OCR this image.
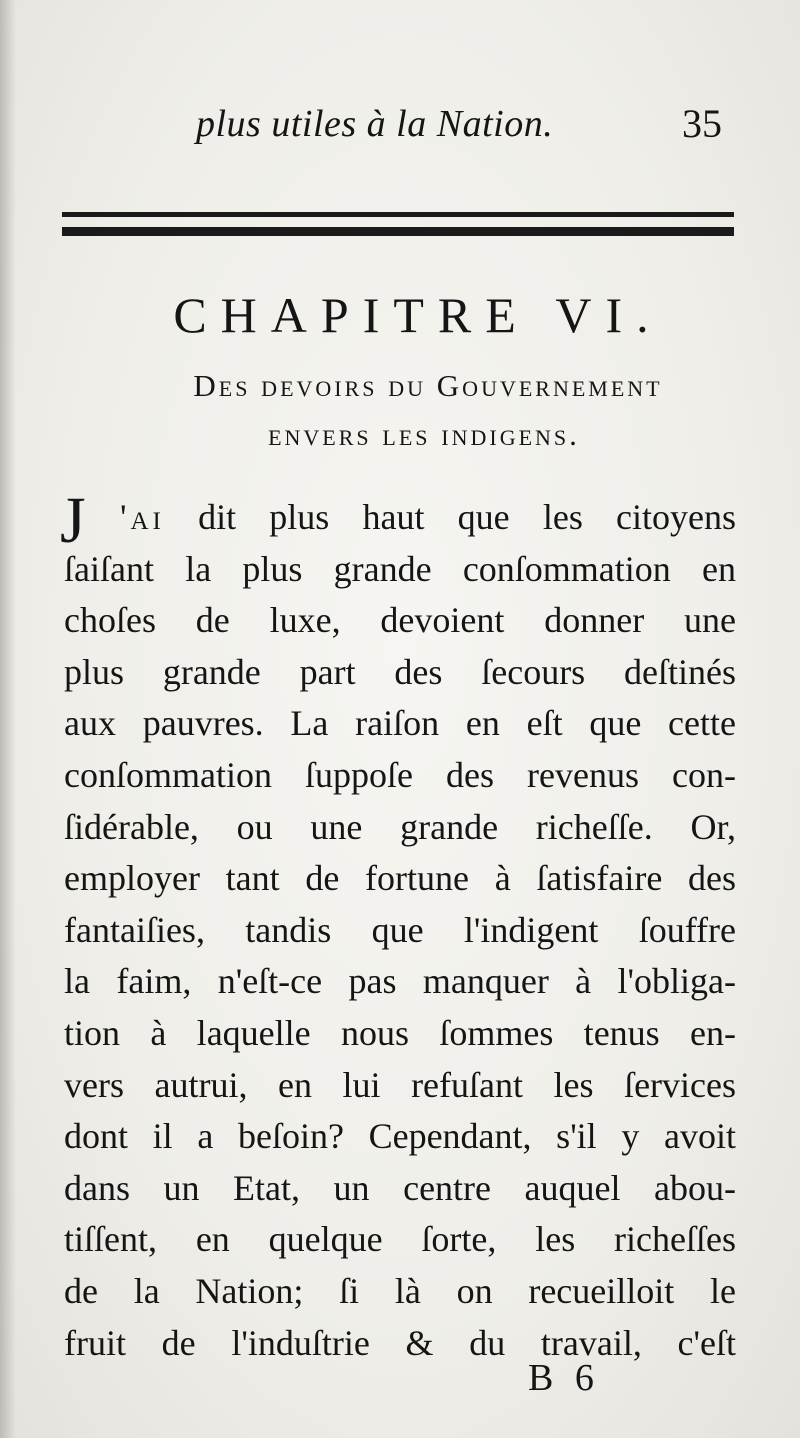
plus utiles à la Nation.	35
CHAPITRE VI.
Des devoirs du Gouvernement
envers les indigens.
J 'ai dit plus haut que les citoyens
ſaiſant la plus grande conſommation en
choſes de luxe, devoient donner une
plus grande part des ſecours deſtinés
aux pauvres. La raiſon en eſt que cette
conſommation ſuppoſe des revenus con-
ſidérable, ou une grande richeſſe. Or,
employer tant de fortune à ſatisfaire des
fantaiſies, tandis que l'indigent ſouffre
la faim, n'eſt-ce pas manquer à l'obliga-
tion à laquelle nous ſommes tenus en-
vers autrui, en lui refuſant les ſervices
dont il a beſoin? Cependant, s'il y avoit
dans un Etat, un centre auquel abou-
tiſſent, en quelque ſorte, les richeſſes
de la Nation; ſi là on recueilloit le
fruit de l'induſtrie & du travail, c'eſt
B 6
